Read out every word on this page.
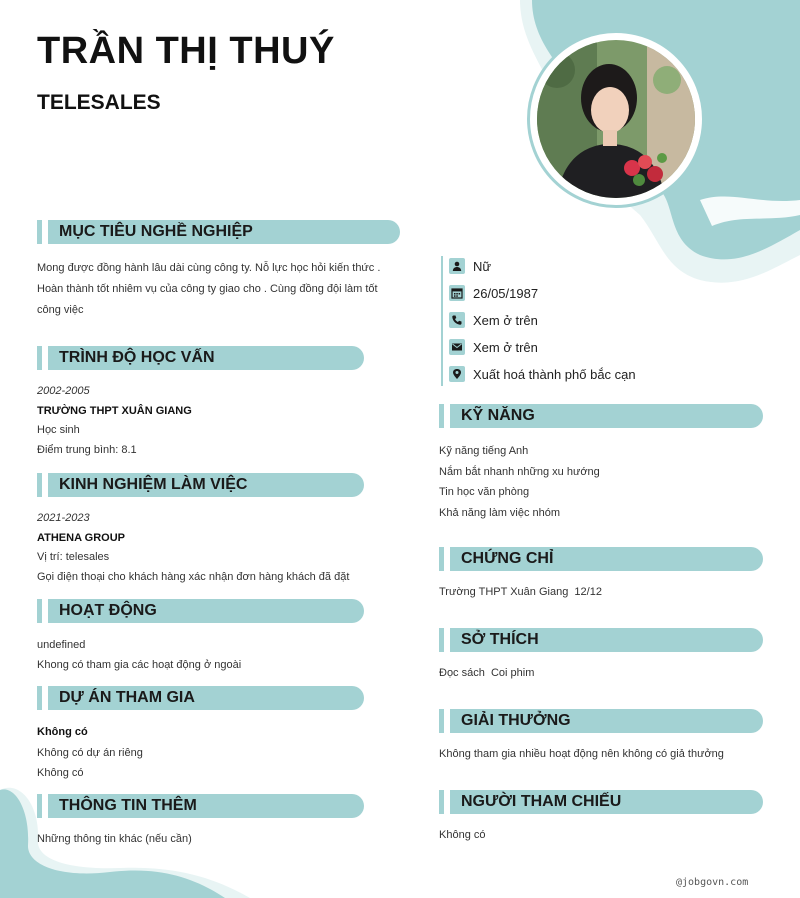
TRẦN THỊ THUÝ
TELESALES
MỤC TIÊU NGHỀ NGHIỆP
Mong được đồng hành lâu dài cùng công ty. Nỗ lực học hỏi kiến thức .
Hoàn thành tốt nhiêm vụ của công ty giao cho . Cùng đồng đội làm tốt
công việc
TRÌNH ĐỘ HỌC VẤN
2002-2005
TRƯỜNG THPT XUÂN GIANG
Học sinh
Điểm trung bình: 8.1
KINH NGHIỆM LÀM VIỆC
2021-2023
ATHENA GROUP
Vị trí: telesales
Gọi điện thoại cho khách hàng xác nhận đơn hàng khách đã đặt
HOẠT ĐỘNG
undefined
Khong có tham gia các hoạt động ở ngoài
DỰ ÁN THAM GIA
Không có
Không có dự án riêng
Không có
THÔNG TIN THÊM
Những thông tin khác (nếu cần)
Nữ
26/05/1987
Xem ở trên
Xem ở trên
Xuất hoá thành phố bắc cạn
KỸ NĂNG
Kỹ năng tiếng Anh
Nắm bắt nhanh những xu hướng
Tin học văn phòng
Khả năng làm việc nhóm
CHỨNG CHỈ
Trường THPT Xuân Giang  12/12
SỞ THÍCH
Đọc sách  Coi phim
GIẢI THƯỞNG
Không tham gia nhiều hoạt động nên không có giả thưởng
NGƯỜI THAM CHIẾU
Không có
@jobgovn.com
